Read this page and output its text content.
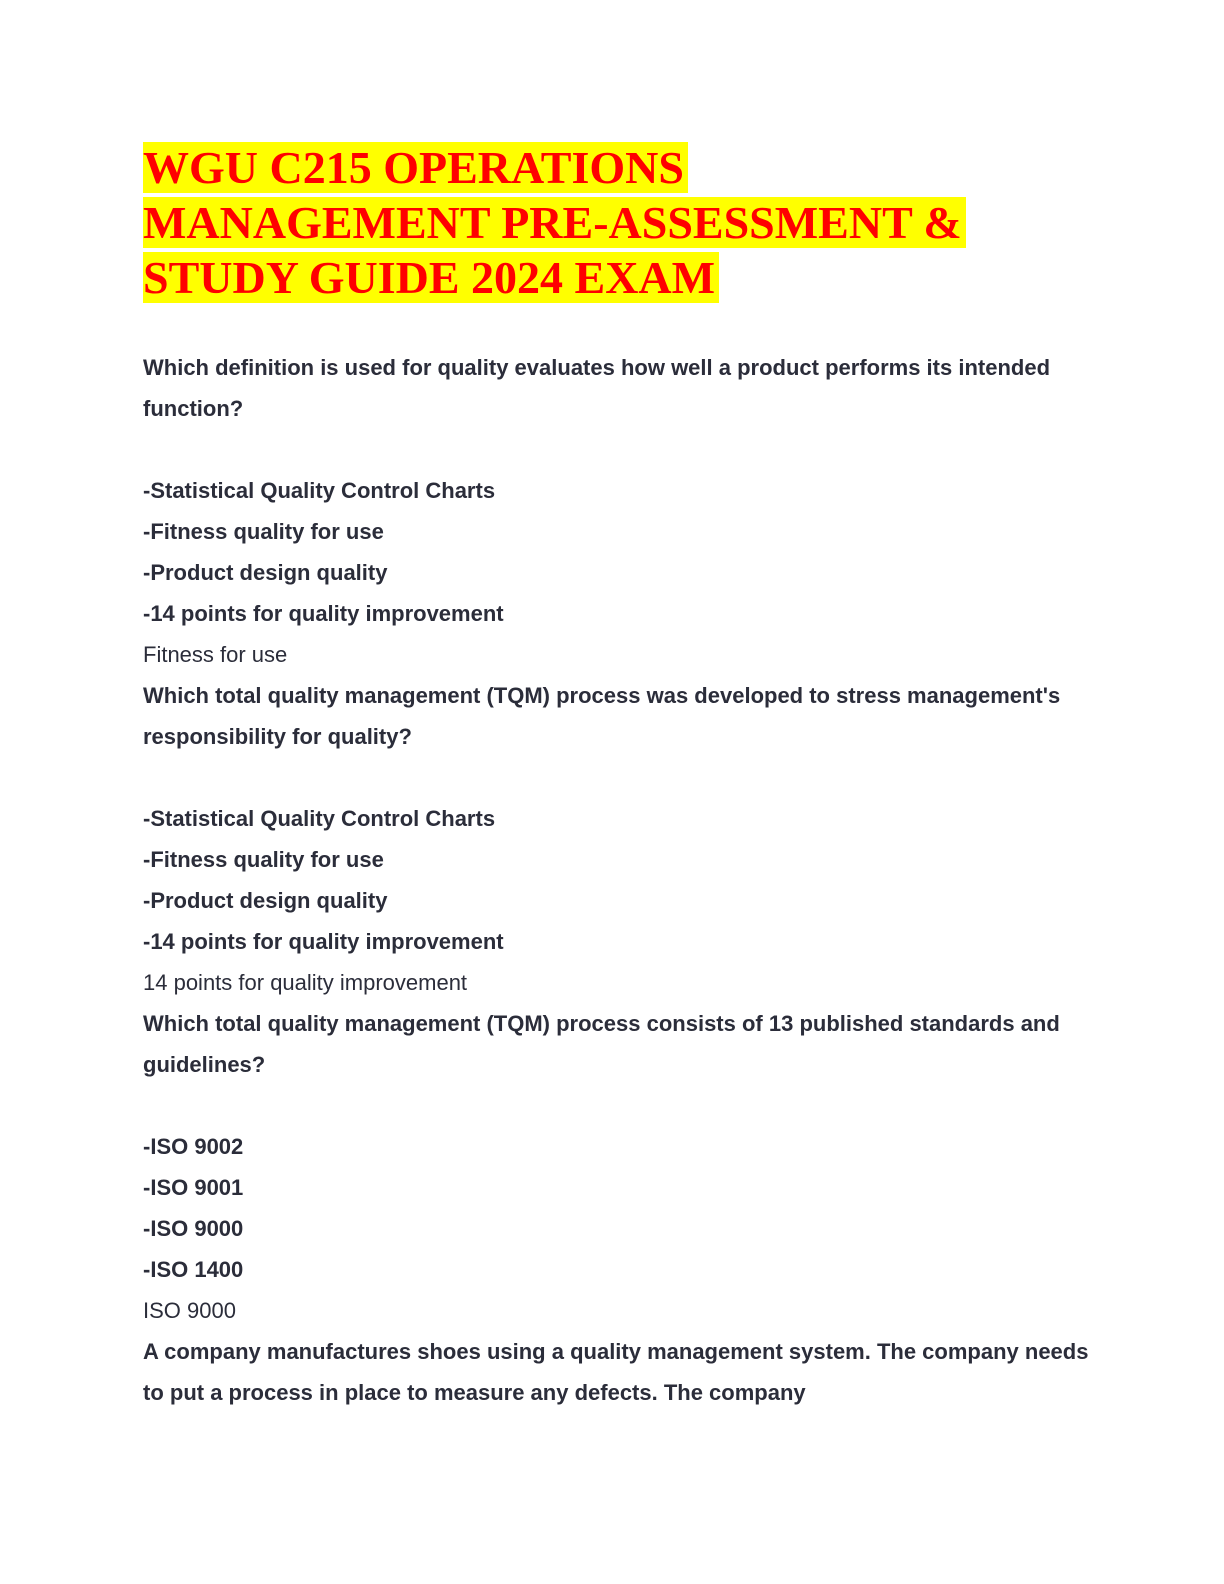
WGU C215 OPERATIONS
MANAGEMENT PRE-ASSESSMENT &
STUDY GUIDE 2024 EXAM
Which definition is used for quality evaluates how well a product performs its intended function?
-Statistical Quality Control Charts
-Fitness quality for use
-Product design quality
-14 points for quality improvement
Fitness for use
Which total quality management (TQM) process was developed to stress management's responsibility for quality?
-Statistical Quality Control Charts
-Fitness quality for use
-Product design quality
-14 points for quality improvement
14 points for quality improvement
Which total quality management (TQM) process consists of 13 published standards and guidelines?
-ISO 9002
-ISO 9001
-ISO 9000
-ISO 1400
ISO 9000
A company manufactures shoes using a quality management system. The company needs to put a process in place to measure any defects. The company
